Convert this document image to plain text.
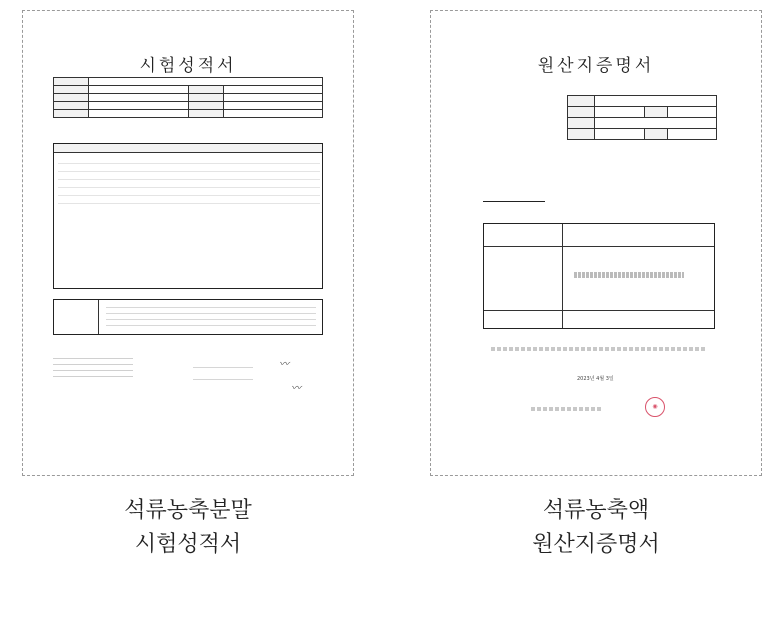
시험성적서

〰
〰
원산지증명서

2023년 4월 3일
◉
석류농축분말
시험성적서
석류농축액
원산지증명서
